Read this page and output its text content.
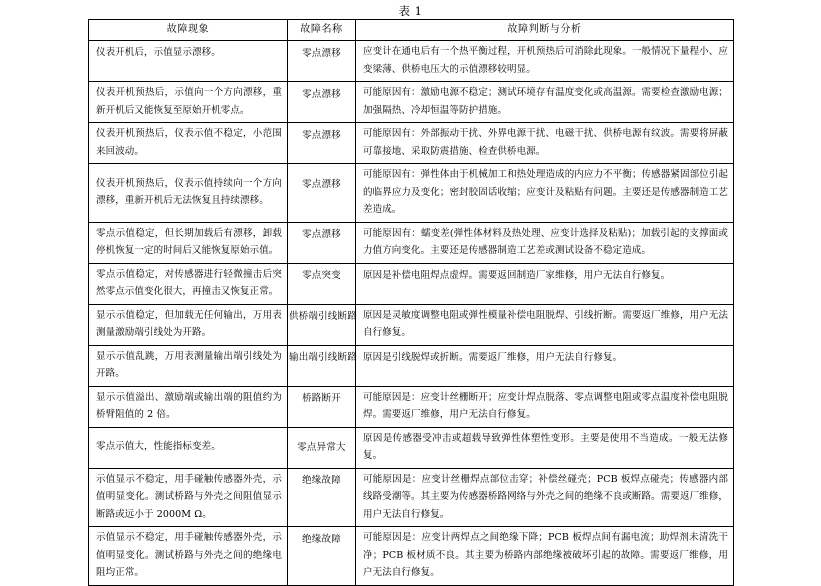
表 1
故障现象	故障名称	故障判断与分析

仪表开机后，示值显示漂移。	零点漂移	应变计在通电后有一个热平衡过程，开机预热后可消除此现象。一般情况下量程小、应变梁薄、供桥电压大的示值漂移较明显。

仪表开机预热后，示值向一个方向漂移，重新开机后又能恢复至原始开机零点。	零点漂移	可能原因有：激励电源不稳定；测试环境存有温度变化或高温源。需要检查激励电源；加强隔热、冷却恒温等防护措施。

仪表开机预热后，仪表示值不稳定，小范围来回波动。	零点漂移	可能原因有：外部振动干扰、外界电源干扰、电磁干扰、供桥电源有纹波。需要将屏蔽可靠接地、采取防震措施、检查供桥电源。

仪表开机预热后，仪表示值持续向一个方向漂移，重新开机后无法恢复且持续漂移。	零点漂移	可能原因有：弹性体由于机械加工和热处理造成的内应力不平衡；传感器紧固部位引起的临界应力及变化；密封胶固话收缩；应变计及粘贴有问题。主要还是传感器制造工艺差造成。

零点示值稳定，但长期加载后有漂移，卸载停机恢复一定的时间后又能恢复原始示值。	零点漂移	可能原因有：蠕变差(弹性体材料及热处理、应变计选择及粘贴)；加载引起的支撑面或力值方向变化。主要还是传感器制造工艺差或测试设备不稳定造成。

零点示值稳定，对传感器进行轻微撞击后突然零点示值变化很大，再撞击又恢复正常。	零点突变	原因是补偿电阻焊点虚焊。需要返回制造厂家维修，用户无法自行修复。

显示示值稳定，但加载无任何输出，万用表测量激励端引线处为开路。	供桥端引线断路	原因是灵敏度调整电阻或弹性模量补偿电阻脱焊、引线折断。需要返厂维修，用户无法自行修复。

显示示值乱跳，万用表测量输出端引线处为开路。	输出端引线断路	原因是引线脱焊或折断。需要返厂维修，用户无法自行修复。

显示示值溢出、激励端或输出端的阻值约为桥臂阻值的 2 倍。	桥路断开	可能原因是：应变计丝栅断开；应变计焊点脱落、零点调整电阻或零点温度补偿电阻脱焊。需要返厂维修，用户无法自行修复。

零点示值大，性能指标变差。	零点异常大	原因是传感器受冲击或超载导致弹性体塑性变形。主要是使用不当造成。一般无法修复。

示值显示不稳定，用手碰触传感器外壳，示值明显变化。测试桥路与外壳之间阻值显示断路或远小于 2000M Ω。	绝缘故障	可能原因是：应变计丝栅焊点部位击穿；补偿丝碰壳；PCB 板焊点碰壳；传感器内部线路受潮等。其主要为传感器桥路网络与外壳之间的绝缘不良或断路。需要返厂维修，用户无法自行修复。

示值显示不稳定，用手碰触传感器外壳，示值明显变化。测试桥路与外壳之间的绝缘电阻均正常。	绝缘故障	可能原因是：应变计两焊点之间绝缘下降；PCB 板焊点间有漏电流；助焊剂未清洗干净；PCB 板材质不良。其主要为桥路内部绝缘被破坏引起的故障。需要返厂维修，用户无法自行修复。
